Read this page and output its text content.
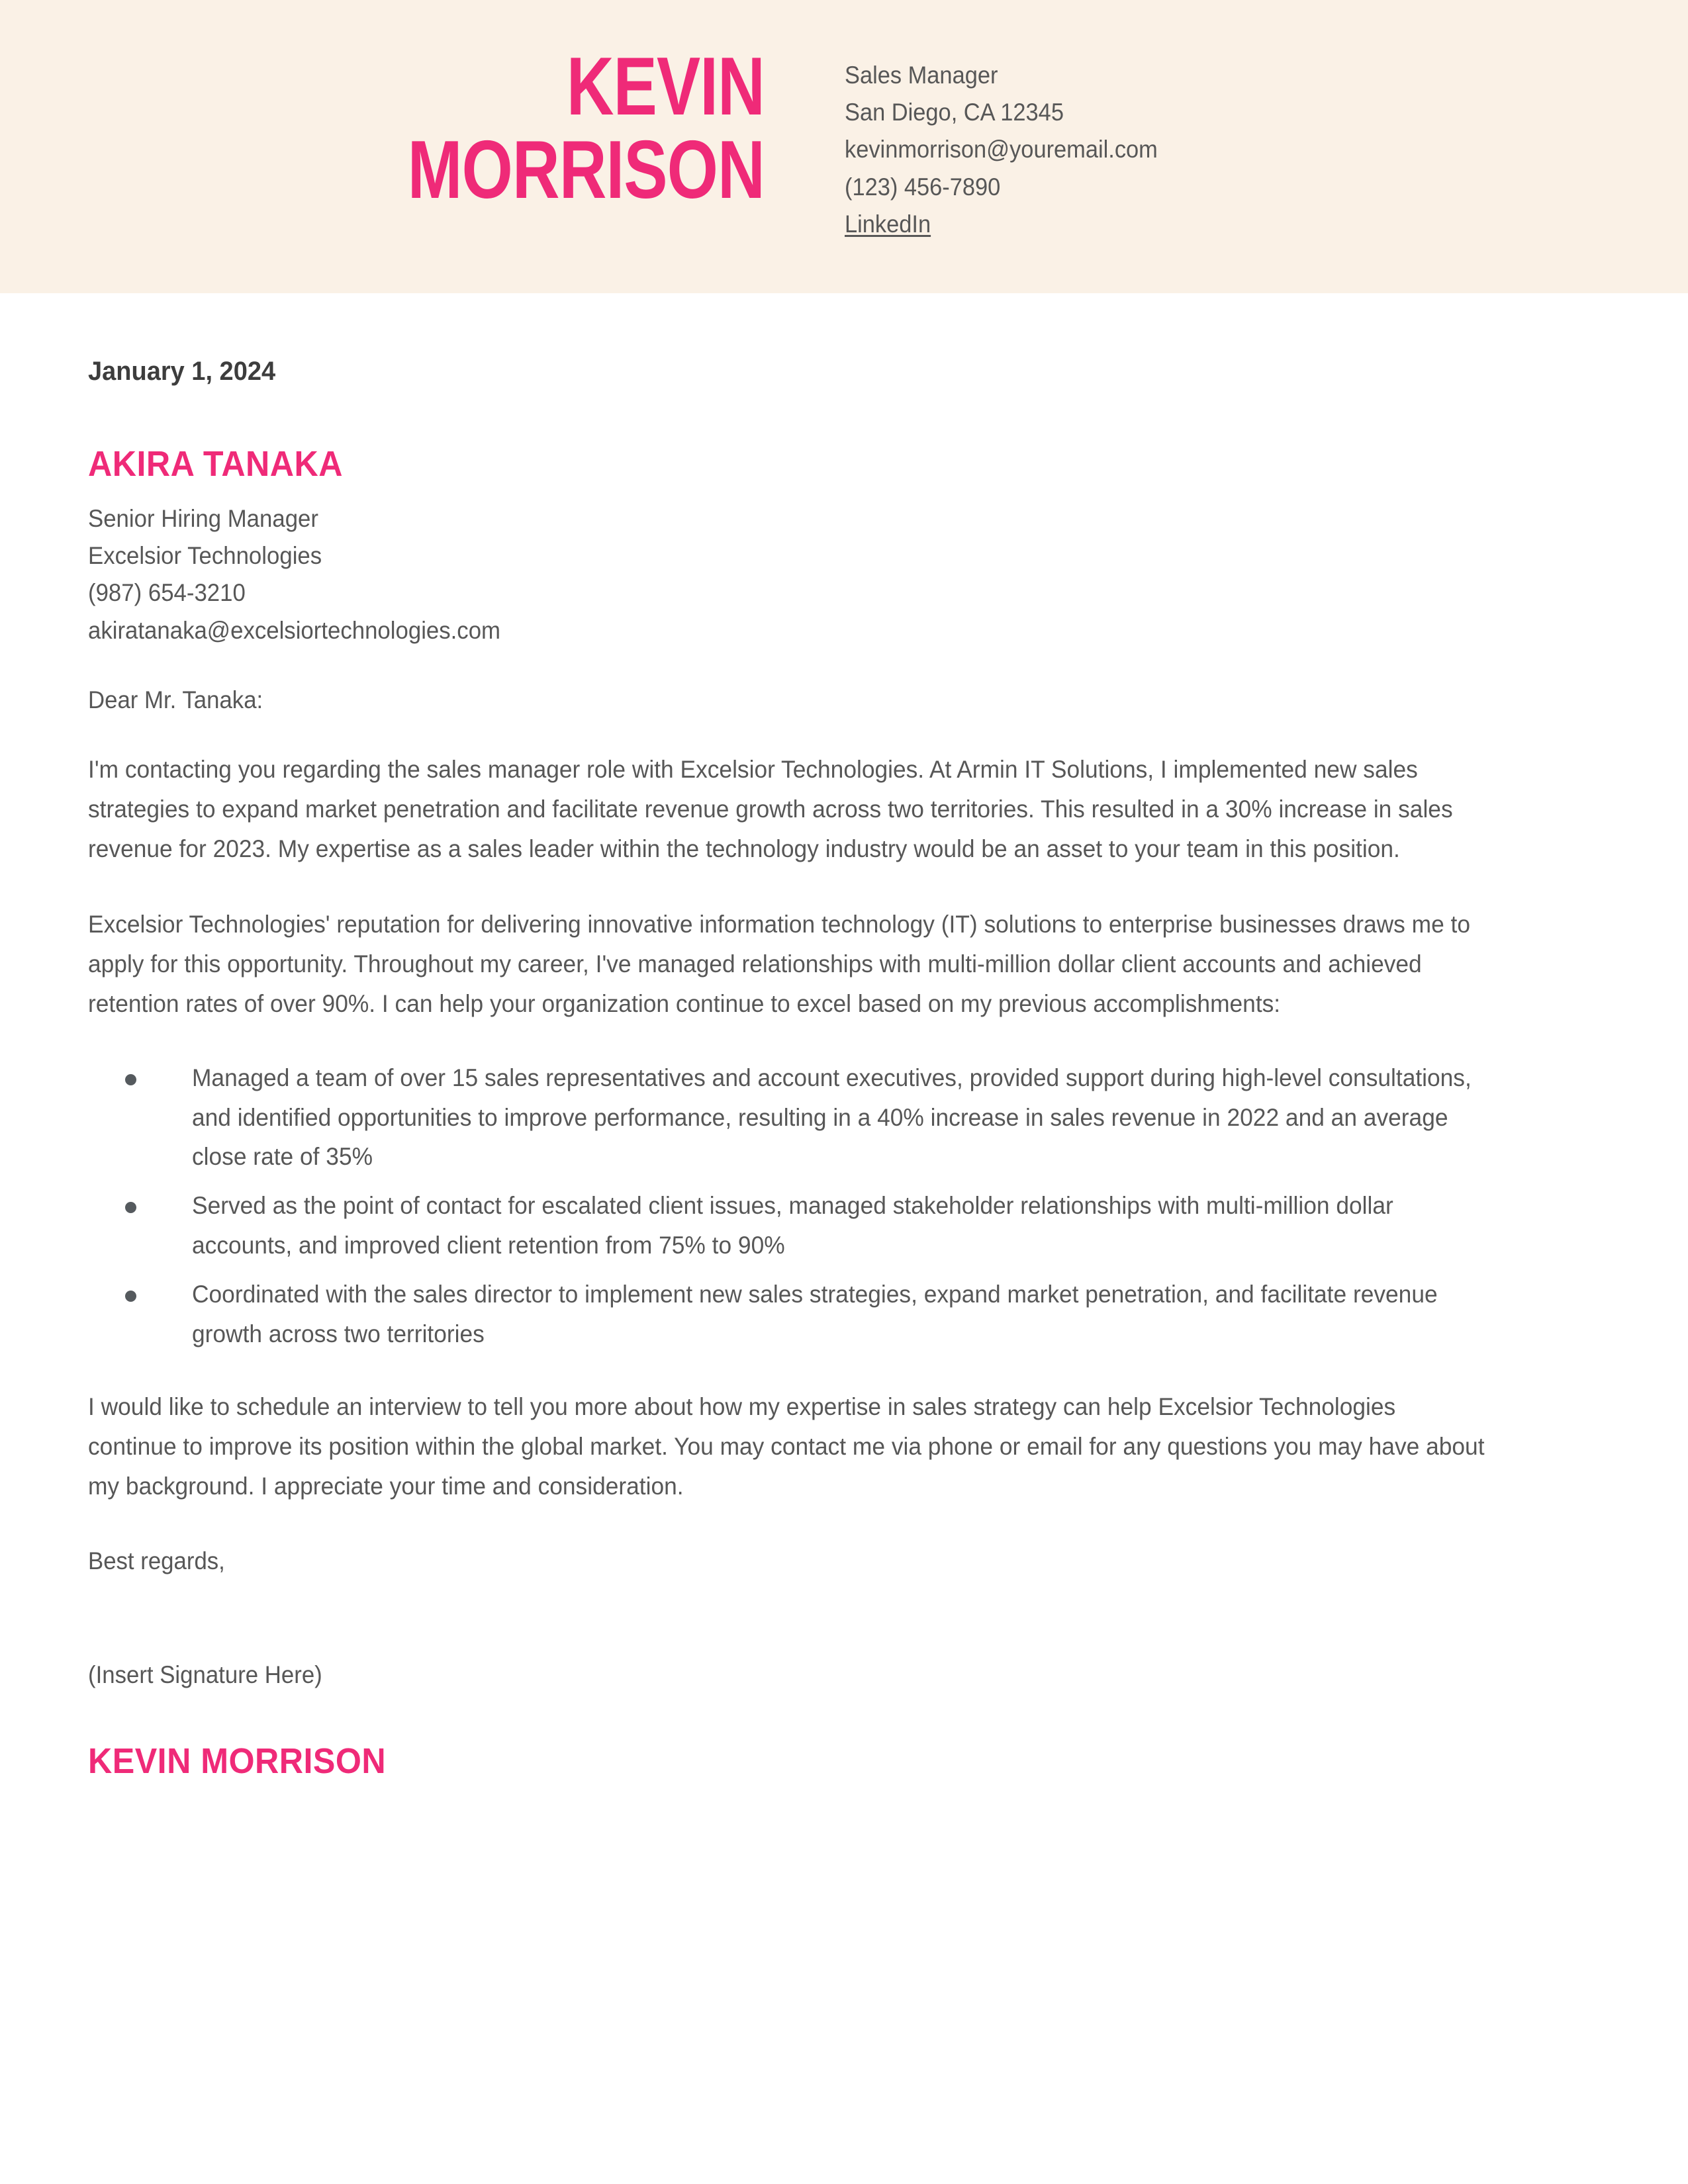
KEVIN
MORRISON
Sales Manager
San Diego, CA 12345
kevinmorrison@youremail.com
(123) 456-7890
LinkedIn
January 1, 2024
AKIRA TANAKA
Senior Hiring Manager
Excelsior Technologies
(987) 654-3210
akiratanaka@excelsiortechnologies.com
Dear Mr. Tanaka:

I'm contacting you regarding the sales manager role with Excelsior Technologies. At Armin IT Solutions, I implemented new sales strategies to expand market penetration and facilitate revenue growth across two territories. This resulted in a 30% increase in sales revenue for 2023. My expertise as a sales leader within the technology industry would be an asset to your team in this position.

Excelsior Technologies' reputation for delivering innovative information technology (IT) solutions to enterprise businesses draws me to apply for this opportunity. Throughout my career, I've managed relationships with multi-million dollar client accounts and achieved retention rates of over 90%. I can help your organization continue to excel based on my previous accomplishments:

Managed a team of over 15 sales representatives and account executives, provided support during high-level consultations, and identified opportunities to improve performance, resulting in a 40% increase in sales revenue in 2022 and an average close rate of 35%
Served as the point of contact for escalated client issues, managed stakeholder relationships with multi-million dollar accounts, and improved client retention from 75% to 90%
Coordinated with the sales director to implement new sales strategies, expand market penetration, and facilitate revenue growth across two territories

I would like to schedule an interview to tell you more about how my expertise in sales strategy can help Excelsior Technologies continue to improve its position within the global market. You may contact me via phone or email for any questions you may have about my background. I appreciate your time and consideration.

Best regards,
(Insert Signature Here)
KEVIN MORRISON
